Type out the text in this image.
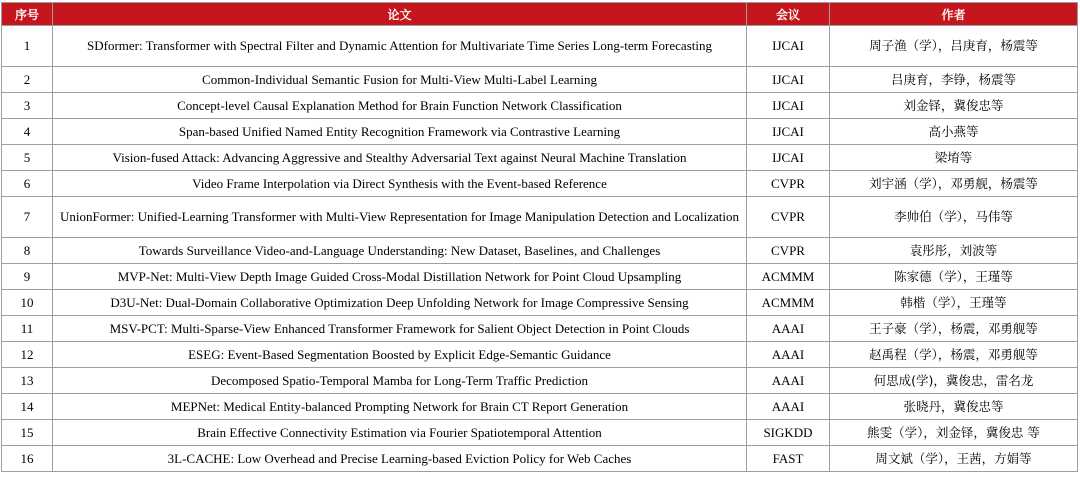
序号	论文	会议	作者
1	SDformer: Transformer with Spectral Filter and Dynamic Attention for Multivariate Time Series Long-term Forecasting	IJCAI	周子渔（学），吕庚育，杨震等
2	Common-Individual Semantic Fusion for Multi-View Multi-Label Learning	IJCAI	吕庚育，李铮，杨震等
3	Concept-level Causal Explanation Method for Brain Function Network Classification	IJCAI	刘金铎，冀俊忠等
4	Span-based Unified Named Entity Recognition Framework via Contrastive Learning	IJCAI	高小燕等
5	Vision-fused Attack: Advancing Aggressive and Stealthy Adversarial Text against Neural Machine Translation	IJCAI	梁堉等
6	Video Frame Interpolation via Direct Synthesis with the Event-based Reference	CVPR	刘宇涵（学），邓勇舰，杨震等
7	UnionFormer: Unified-Learning Transformer with Multi-View Representation for Image Manipulation Detection and Localization	CVPR	李帅伯（学），马伟等
8	Towards Surveillance Video-and-Language Understanding: New Dataset, Baselines, and Challenges	CVPR	袁彤彤，刘波等
9	MVP-Net: Multi-View Depth Image Guided Cross-Modal Distillation Network for Point Cloud Upsampling	ACMMM	陈家德（学），王瑾等
10	D3U-Net: Dual-Domain Collaborative Optimization Deep Unfolding Network for Image Compressive Sensing	ACMMM	韩楷（学），王瑾等
11	MSV-PCT: Multi-Sparse-View Enhanced Transformer Framework for Salient Object Detection in Point Clouds	AAAI	王子豪（学），杨震，邓勇舰等
12	ESEG: Event-Based Segmentation Boosted by Explicit Edge-Semantic Guidance	AAAI	赵禹程（学），杨震，邓勇舰等
13	Decomposed Spatio-Temporal Mamba for Long-Term Traffic Prediction	AAAI	何思成(学)，冀俊忠，雷名龙
14	MEPNet: Medical Entity-balanced Prompting Network for Brain CT Report Generation	AAAI	张晓丹，冀俊忠等
15	Brain Effective Connectivity Estimation via Fourier Spatiotemporal Attention	SIGKDD	熊雯（学），刘金铎，冀俊忠 等
16	3L-CACHE: Low Overhead and Precise Learning-based Eviction Policy for Web Caches	FAST	周文斌（学），王茜，方娟等
